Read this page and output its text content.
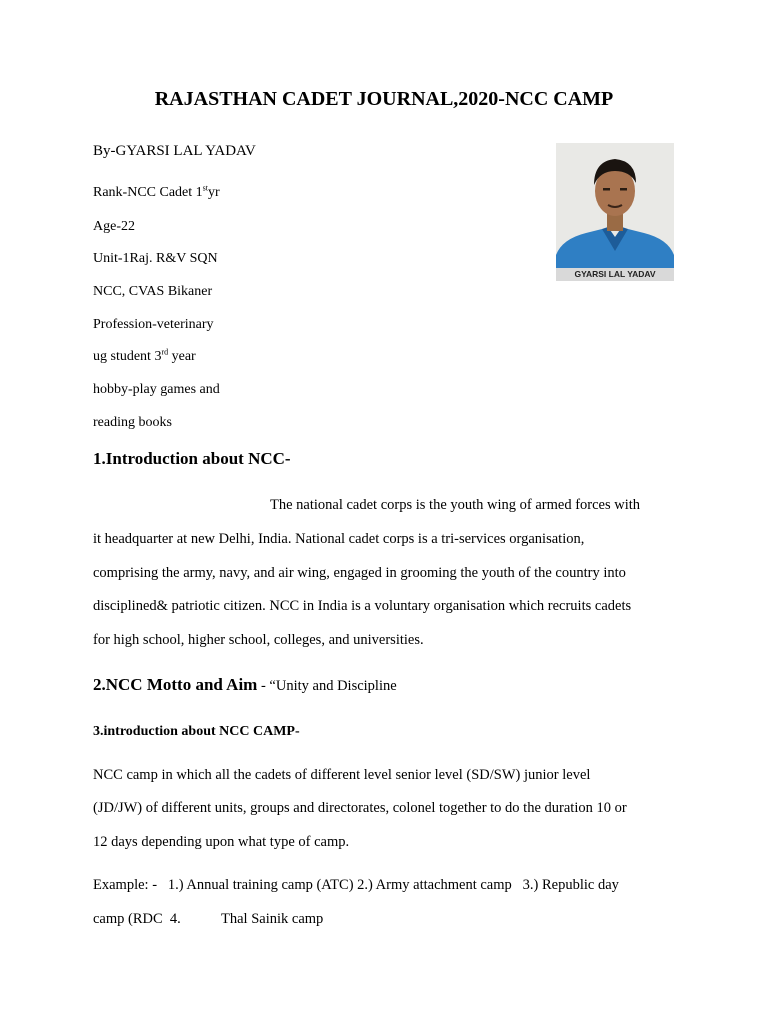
RAJASTHAN CADET JOURNAL,2020-NCC CAMP
By-GYARSI LAL YADAV
Rank-NCC Cadet 1styr
Age-22
Unit-1Raj. R&V SQN
NCC, CVAS Bikaner
Profession-veterinary
ug student 3rd year
hobby-play games and
reading books
GYARSI LAL YADAV
1.Introduction about NCC-
The national cadet corps is the youth wing of armed forces with
it headquarter at new Delhi, India. National cadet corps is a tri-services organisation,
comprising the army, navy, and air wing, engaged in grooming the youth of the country into
disciplined& patriotic citizen. NCC in India is a voluntary organisation which recruits cadets
for high school, higher school, colleges, and universities.
2.NCC Motto and Aim - “Unity and Discipline
3.introduction about NCC CAMP-
NCC camp in which all the cadets of different level senior level (SD/SW) junior level
(JD/JW) of different units, groups and directorates, colonel together to do the duration 10 or
12 days depending upon what type of camp.
Example: -   1.) Annual training camp (ATC) 2.) Army attachment camp   3.) Republic day
camp (RDC  4.	Thal Sainik camp
